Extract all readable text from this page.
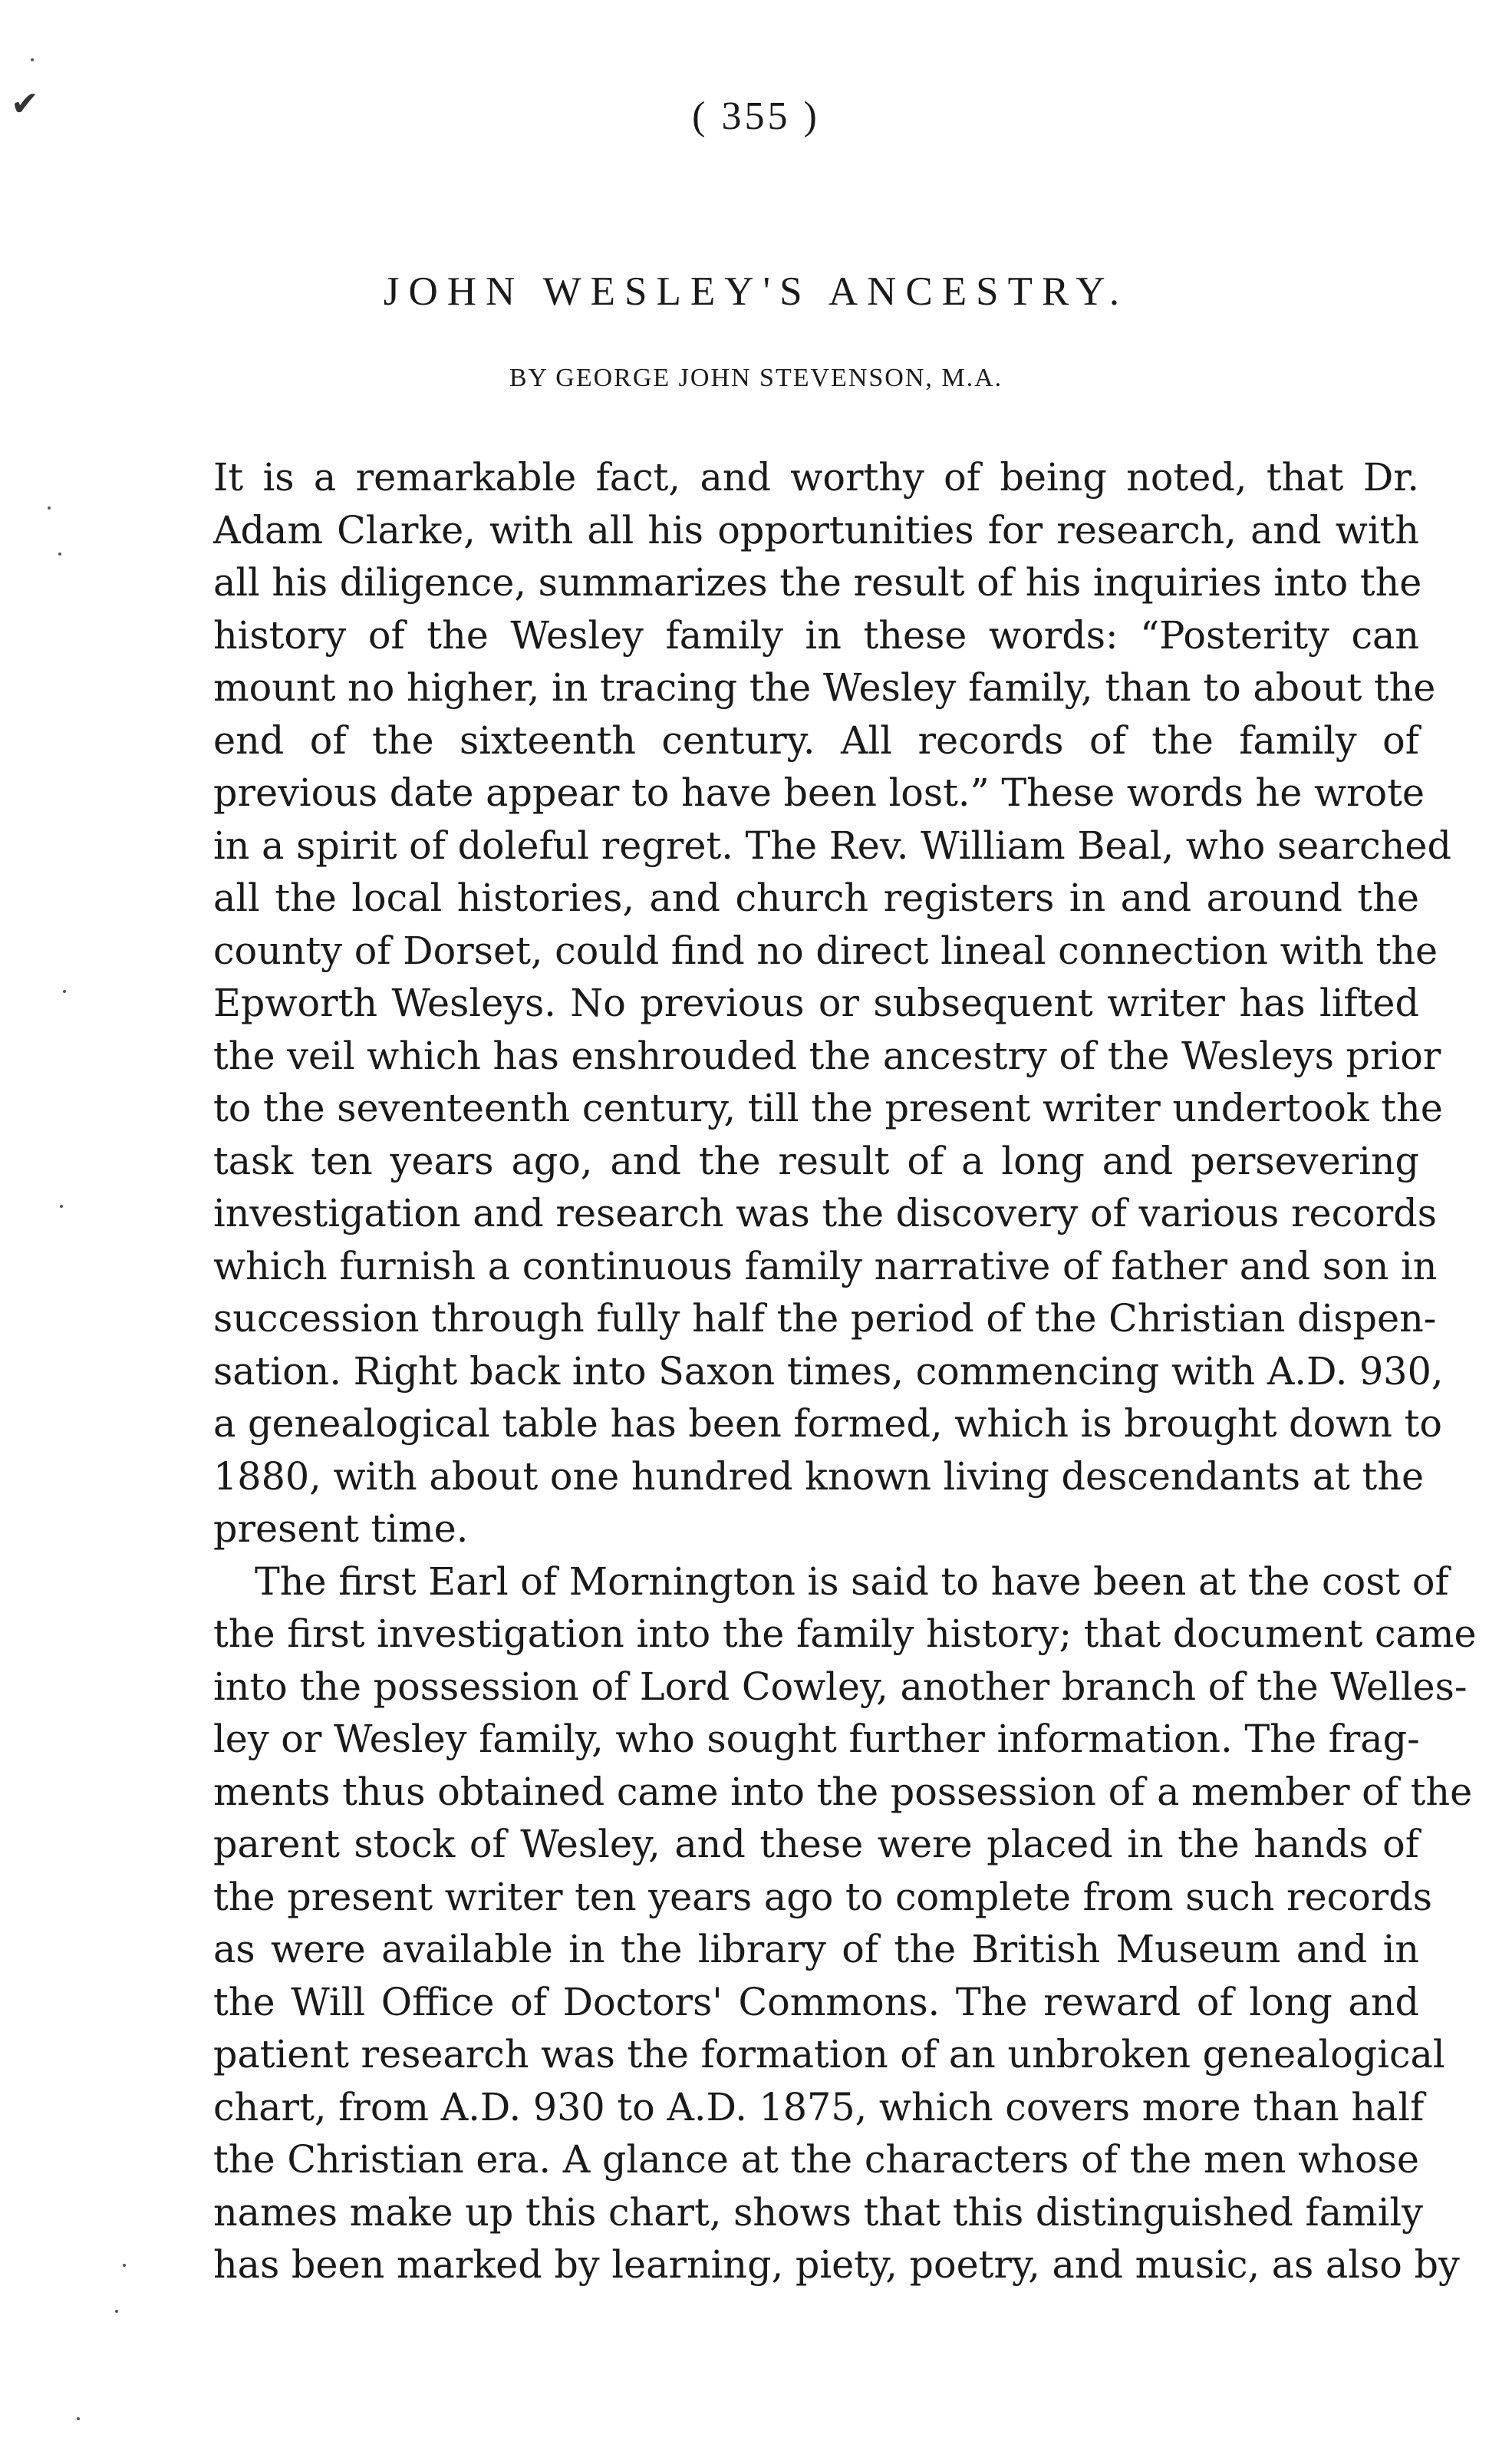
✔	( 355 )
JOHN WESLEY'S ANCESTRY.
BY GEORGE JOHN STEVENSON, M.A.
It is a remarkable fact, and worthy of being noted, that Dr.
Adam Clarke, with all his opportunities for research, and with
all his diligence, summarizes the result of his inquiries into the
history of the Wesley family in these words: “Posterity can
mount no higher, in tracing the Wesley family, than to about the
end of the sixteenth century. All records of the family of
previous date appear to have been lost.” These words he wrote
in a spirit of doleful regret. The Rev. William Beal, who searched
all the local histories, and church registers in and around the
county of Dorset, could find no direct lineal connection with the
Epworth Wesleys. No previous or subsequent writer has lifted
the veil which has enshrouded the ancestry of the Wesleys prior
to the seventeenth century, till the present writer undertook the
task ten years ago, and the result of a long and persevering
investigation and research was the discovery of various records
which furnish a continuous family narrative of father and son in
succession through fully half the period of the Christian dispen-
sation. Right back into Saxon times, commencing with A.D. 930,
a genealogical table has been formed, which is brought down to
1880, with about one hundred known living descendants at the
present time.
The first Earl of Mornington is said to have been at the cost of
the first investigation into the family history; that document came
into the possession of Lord Cowley, another branch of the Welles-
ley or Wesley family, who sought further information. The frag-
ments thus obtained came into the possession of a member of the
parent stock of Wesley, and these were placed in the hands of
the present writer ten years ago to complete from such records
as were available in the library of the British Museum and in
the Will Office of Doctors' Commons. The reward of long and
patient research was the formation of an unbroken genealogical
chart, from A.D. 930 to A.D. 1875, which covers more than half
the Christian era. A glance at the characters of the men whose
names make up this chart, shows that this distinguished family
has been marked by learning, piety, poetry, and music, as also by
